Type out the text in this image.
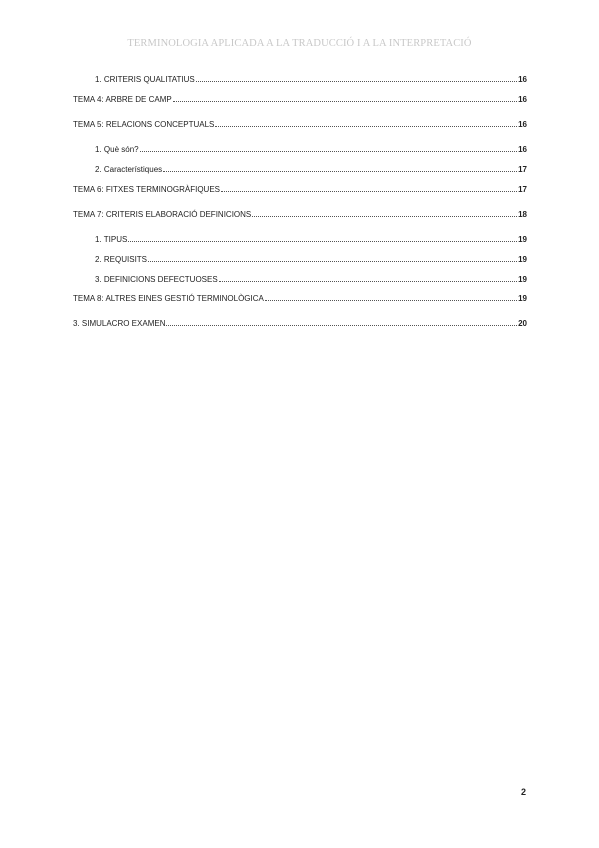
TERMINOLOGIA APLICADA A LA TRADUCCIÓ I A LA INTERPRETACIÓ
1. CRITERIS QUALITATIUS	16
TEMA 4: ARBRE DE CAMP	16
TEMA 5: RELACIONS CONCEPTUALS	16
1. Què són?	16
2. Característiques	17
TEMA 6: FITXES TERMINOGRÀFIQUES	17
TEMA 7: CRITERIS ELABORACIÓ DEFINICIONS	18
1. TIPUS	19
2. REQUISITS	19
3. DEFINICIONS DEFECTUOSES	19
TEMA 8: ALTRES EINES GESTIÓ TERMINOLÒGICA	19
3. SIMULACRO EXAMEN	20
2
